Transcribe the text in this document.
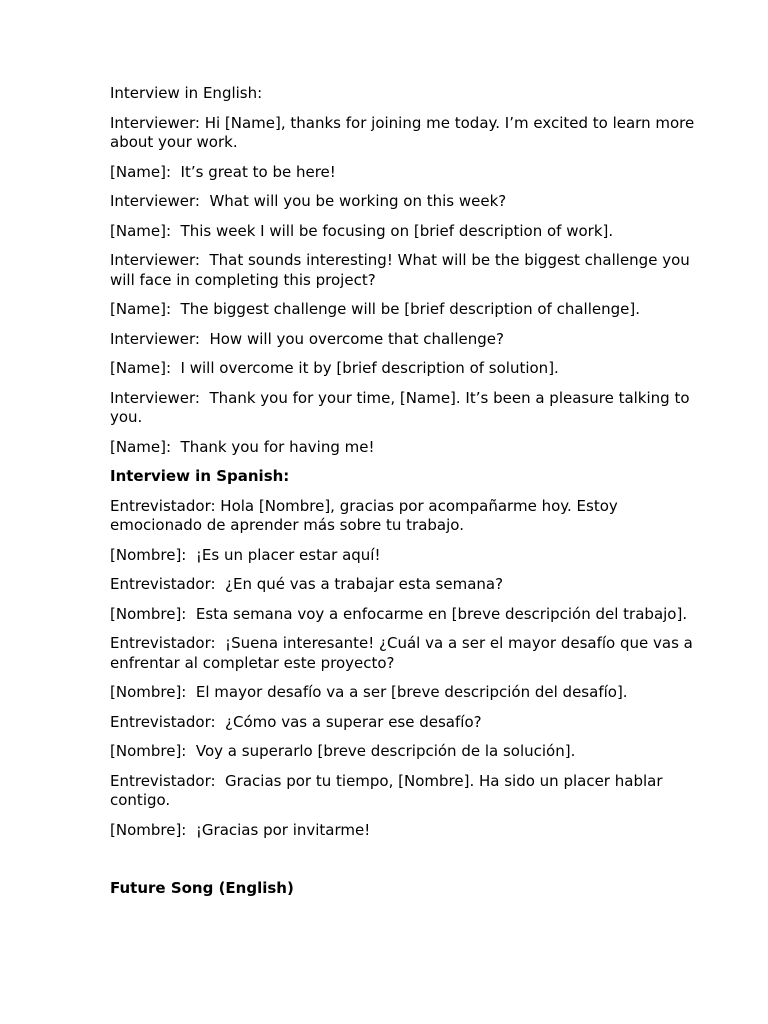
Interview in English:

Interviewer: Hi [Name], thanks for joining me today. I’m excited to learn more about your work.

[Name]:  It’s great to be here!

Interviewer:  What will you be working on this week?

[Name]:  This week I will be focusing on [brief description of work].

Interviewer:  That sounds interesting! What will be the biggest challenge you will face in completing this project?

[Name]:  The biggest challenge will be [brief description of challenge].

Interviewer:  How will you overcome that challenge?

[Name]:  I will overcome it by [brief description of solution].

Interviewer:  Thank you for your time, [Name]. It’s been a pleasure talking to you.

[Name]:  Thank you for having me!

Interview in Spanish:

Entrevistador: Hola [Nombre], gracias por acompañarme hoy. Estoy emocionado de aprender más sobre tu trabajo.

[Nombre]:  ¡Es un placer estar aquí!

Entrevistador:  ¿En qué vas a trabajar esta semana?

[Nombre]:  Esta semana voy a enfocarme en [breve descripción del trabajo].

Entrevistador:  ¡Suena interesante! ¿Cuál va a ser el mayor desafío que vas a enfrentar al completar este proyecto?

[Nombre]:  El mayor desafío va a ser [breve descripción del desafío].

Entrevistador:  ¿Cómo vas a superar ese desafío?

[Nombre]:  Voy a superarlo [breve descripción de la solución].

Entrevistador:  Gracias por tu tiempo, [Nombre]. Ha sido un placer hablar contigo.

[Nombre]:  ¡Gracias por invitarme!

Future Song (English)
